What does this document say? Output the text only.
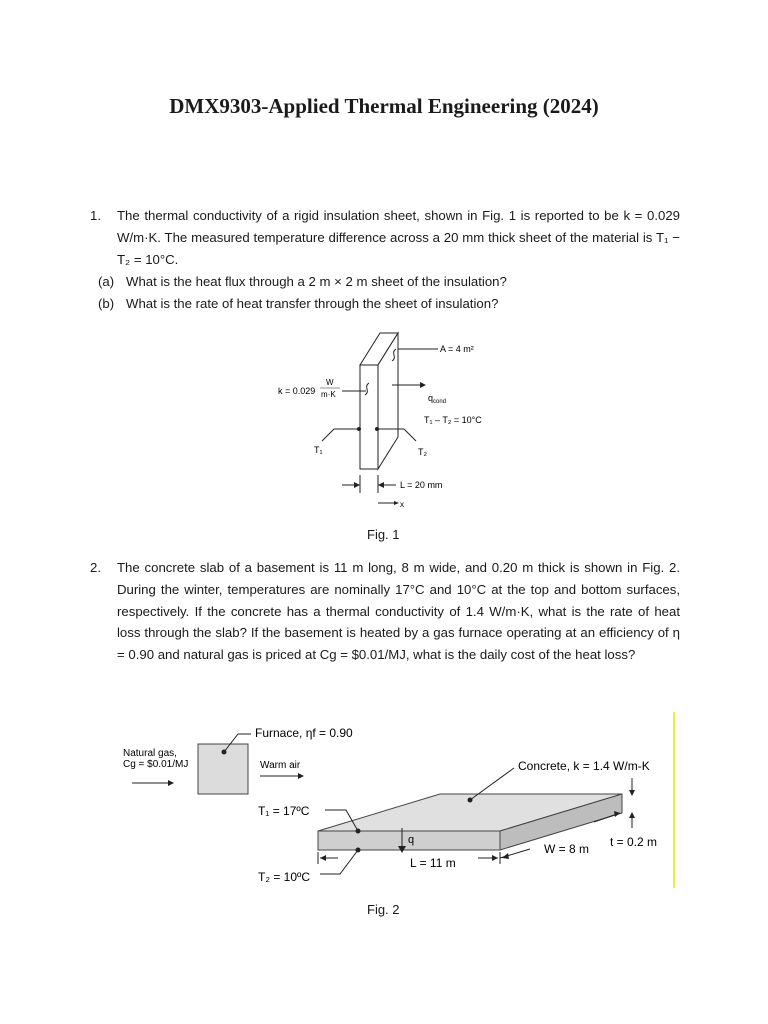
DMX9303-Applied Thermal Engineering (2024)
1. The thermal conductivity of a rigid insulation sheet, shown in Fig. 1 is reported to be k = 0.029 W/m·K. The measured temperature difference across a 20 mm thick sheet of the material is T₁ − T₂ = 10°C.
(a) What is the heat flux through a 2 m × 2 m sheet of the insulation?
(b) What is the rate of heat transfer through the sheet of insulation?
A = 4 m²
k = 0.029
W
m·K	$q_{cond}$
T₁ – T₂ = 10°C
T₁	T₂
L = 20 mm
x
Fig. 1
2. The concrete slab of a basement is 11 m long, 8 m wide, and 0.20 m thick is shown in Fig. 2. During the winter, temperatures are nominally 17°C and 10°C at the top and bottom surfaces, respectively. If the concrete has a thermal conductivity of 1.4 W/m·K, what is the rate of heat loss through the slab? If the basement is heated by a gas furnace operating at an efficiency of η = 0.90 and natural gas is priced at Cg = $0.01/MJ, what is the daily cost of the heat loss?
Furnace, ηf = 0.90
Natural gas,
Cg = $0.01/MJ	Warm air	Concrete, k = 1.4 W/m-K
T₁ = 17ºC
T₂ = 10ºC
q
L = 11 m
W = 8 m t = 0.2 m
Fig. 2
